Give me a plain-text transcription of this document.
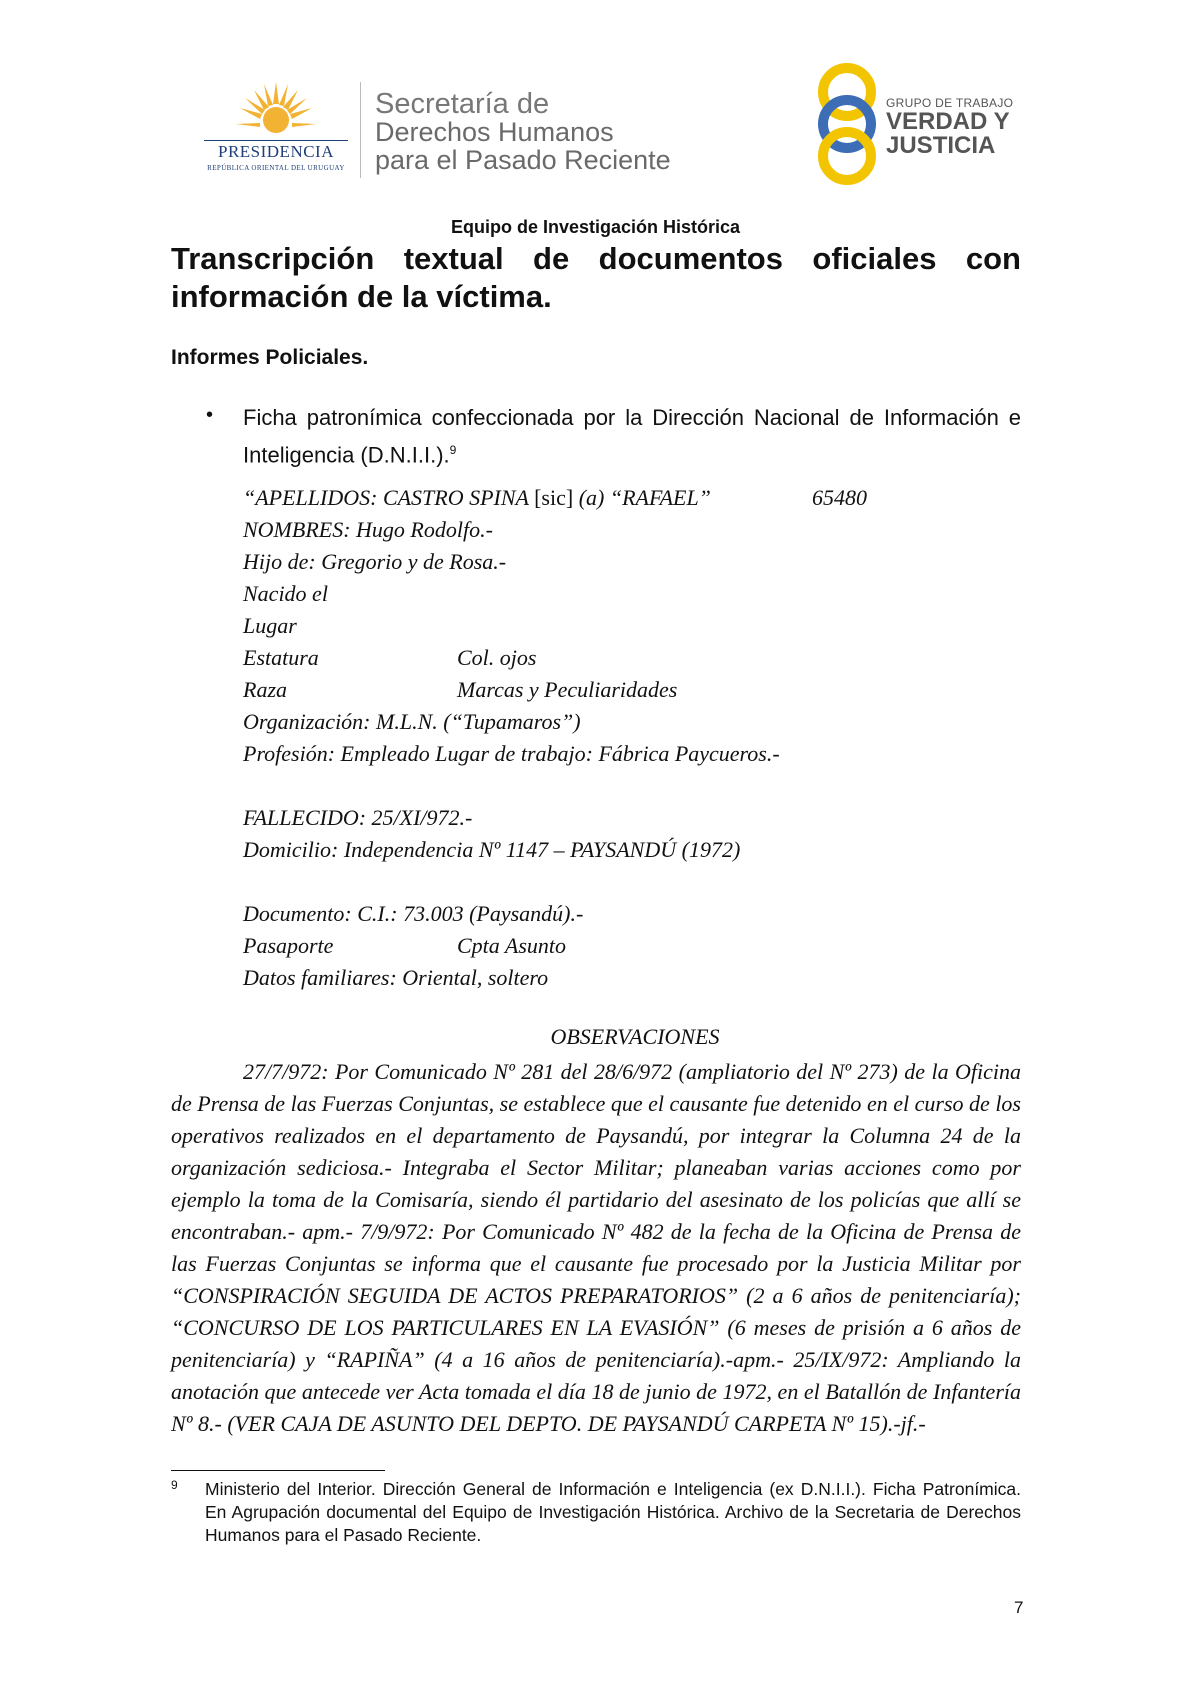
PRESIDENCIA
REPÚBLICA ORIENTAL DEL URUGUAY
Secretaría de
Derechos Humanos
para el Pasado Reciente
GRUPO DE TRABAJO
VERDAD Y
JUSTICIA
Equipo de Investigación Histórica
Transcripción textual de documentos oficiales con información de la víctima.
Informes Policiales.
• Ficha patronímica confeccionada por la Dirección Nacional de Información e Inteligencia (D.N.I.I.).$^9$
“APELLIDOS: CASTRO SPINA [sic] (a) “RAFAEL”	65480
NOMBRES: Hugo Rodolfo.-
Hijo de: Gregorio y de Rosa.-
Nacido el
Lugar
Estatura	Col. ojos
Raza	Marcas y Peculiaridades
Organización: M.L.N. (“Tupamaros”)
Profesión: Empleado Lugar de trabajo: Fábrica Paycueros.-
FALLECIDO: 25/XI/972.-
Domicilio: Independencia Nº 1147 – PAYSANDÚ (1972)
Documento: C.I.: 73.003 (Paysandú).-
Pasaporte	Cpta Asunto
Datos familiares: Oriental, soltero
OBSERVACIONES
27/7/972: Por Comunicado Nº 281 del 28/6/972 (ampliatorio del Nº 273) de la Oficina de Prensa de las Fuerzas Conjuntas, se establece que el causante fue detenido en el curso de los operativos realizados en el departamento de Paysandú, por integrar la Columna 24 de la organización sediciosa.- Integraba el Sector Militar; planeaban varias acciones como por ejemplo la toma de la Comisaría, siendo él partidario del asesinato de los policías que allí se encontraban.- apm.- 7/9/972: Por Comunicado Nº 482 de la fecha de la Oficina de Prensa de las Fuerzas Conjuntas se informa que el causante fue procesado por la Justicia Militar por “CONSPIRACIÓN SEGUIDA DE ACTOS PREPARATORIOS” (2 a 6 años de penitenciaría); “CONCURSO DE LOS PARTICULARES EN LA EVASIÓN” (6 meses de prisión a 6 años de penitenciaría) y “RAPIÑA” (4 a 16 años de penitenciaría).-apm.- 25/IX/972: Ampliando la anotación que antecede ver Acta tomada el día 18 de junio de 1972, en el Batallón de Infantería Nº 8.- (VER CAJA DE ASUNTO DEL DEPTO. DE PAYSANDÚ CARPETA Nº 15).-jf.-
9 Ministerio del Interior. Dirección General de Información e Inteligencia (ex D.N.I.I.). Ficha Patronímica. En Agrupación documental del Equipo de Investigación Histórica. Archivo de la Secretaria de Derechos Humanos para el Pasado Reciente.
7
